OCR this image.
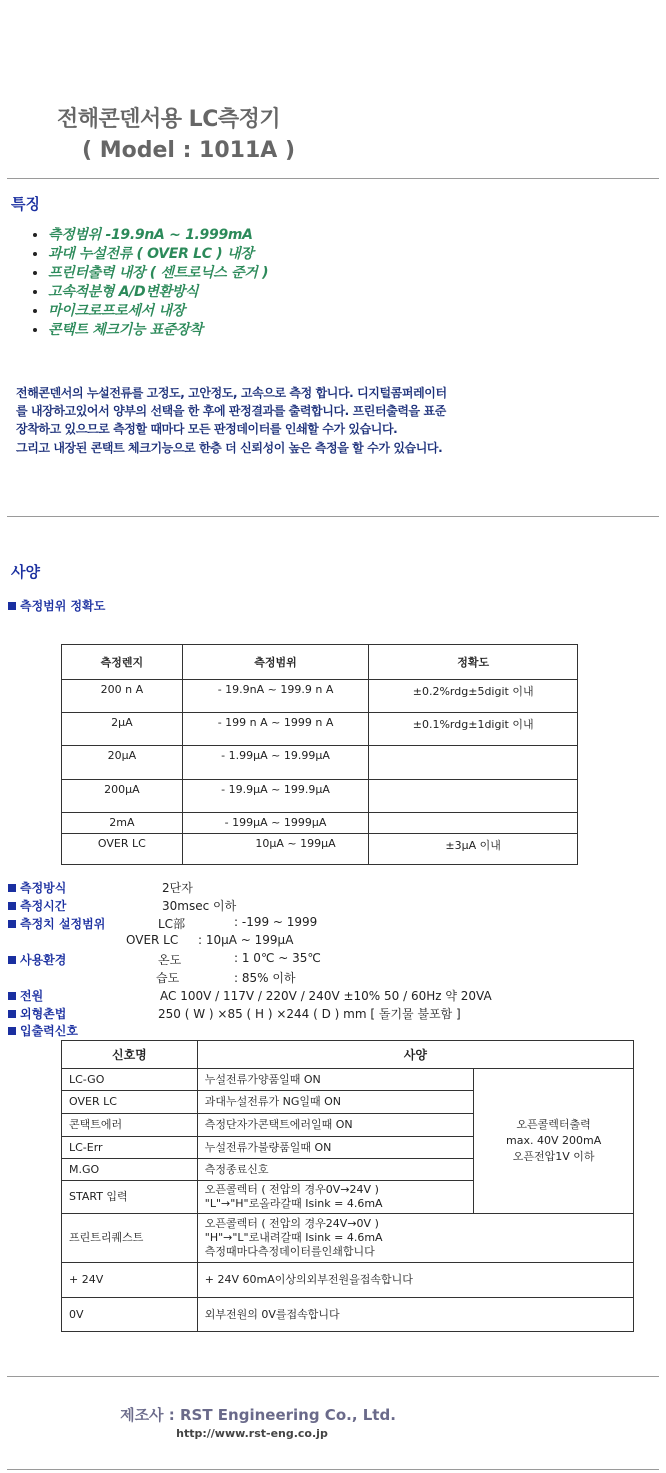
전해콘덴서용 LC측정기
( Model : 1011A )
특징
• 측정범위 -19.9nA ~ 1.999mA
• 과대 누설전류 ( OVER LC ) 내장
• 프린터출력 내장 ( 센트로닉스 준거 )
• 고속적분형 A/D변환방식
• 마이크로프로세서 내장
• 콘택트 체크기능 표준장착
전해콘덴서의 누설전류를 고정도, 고안정도, 고속으로 측정 합니다. 디지털콤퍼레이터
를 내장하고있어서 양부의 선택을 한 후에 판정결과를 출력합니다. 프린터출력을 표준
장착하고 있으므로 측정할 때마다 모든 판정데이터를 인쇄할 수가 있습니다.
그리고 내장된 콘택트 체크기능으로 한층 더 신뢰성이 높은 측정을 할 수가 있습니다.
사양
측정범위 정확도
측정렌지	측정범위	정확도
200 n A	- 19.9nA ~ 199.9 n A	±0.2%rdg±5digit 이내
2µA	- 199 n A ~ 1999 n A	±0.1%rdg±1digit 이내
20µA	- 1.99µA ~ 19.99µA	
200µA	- 19.9µA ~ 199.9µA	
2mA	- 199µA ~ 1999µA	
OVER LC	10µA ~ 199µA	±3µA 이내
측정방식	2단자
측정시간	30msec 이하
측정치 설정범위	LC部	: -199 ~ 1999
OVER LC : 10µA ~ 199µA
사용환경	온도	: 1 0℃ ~ 35℃
습도	: 85% 이하
전원	AC 100V / 117V / 220V / 240V ±10% 50 / 60Hz 약 20VA
외형촌법	250 ( W ) ×85 ( H ) ×244 ( D ) mm [ 돌기물 불포함 ]
입출력신호
신호명	사양	
LC-GO	누설전류가양품일때 ON	오픈콜렉터출력
max. 40V 200mA
오픈전압1V 이하

OVER LC	과대누설전류가 NG일때 ON	
콘택트에러	측정단자가콘택트에러일때 ON	
LC-Err	누설전류가불량품일때 ON	
M.GO	측정종료신호	
START 입력	오픈콜렉터 ( 전압의 경우0V→24V )
"L"→"H"로올라갈때 Isink = 4.6mA	

프린트리퀘스트	오픈콜렉터 ( 전압의 경우24V→0V )
"H"→"L"로내려갈때 Isink = 4.6mA
측정때마다측정데이터를인쇄합니다	

+ 24V	+ 24V 60mA이상의외부전원을접속합니다	
0V	외부전원의 0V를접속합니다	
제조사 : RST Engineering Co., Ltd.
http://www.rst-eng.co.jp
